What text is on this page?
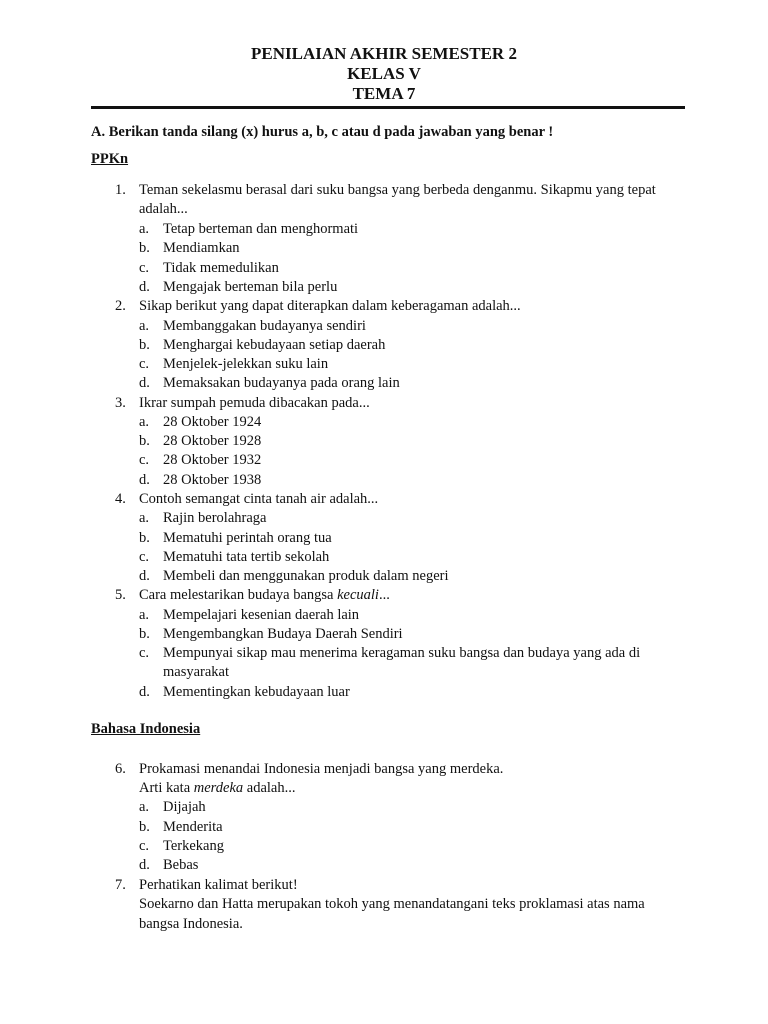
PENILAIAN AKHIR SEMESTER 2
KELAS V
TEMA 7
A. Berikan tanda silang (x) hurus a, b, c atau d pada jawaban yang benar !
PPKn
1. Teman sekelasmu berasal dari suku bangsa yang berbeda denganmu. Sikapmu yang tepat adalah...
a. Tetap berteman dan menghormati
b. Mendiamkan
c. Tidak memedulikan
d. Mengajak berteman bila perlu
2. Sikap berikut yang dapat diterapkan dalam keberagaman adalah...
a. Membanggakan budayanya sendiri
b. Menghargai kebudayaan setiap daerah
c. Menjelek-jelekkan suku lain
d. Memaksakan budayanya pada orang lain
3. Ikrar sumpah pemuda dibacakan pada...
a. 28 Oktober 1924
b. 28 Oktober 1928
c. 28 Oktober 1932
d. 28 Oktober 1938
4. Contoh semangat cinta tanah air adalah...
a. Rajin berolahraga
b. Mematuhi perintah orang tua
c. Mematuhi tata tertib sekolah
d. Membeli dan menggunakan produk dalam negeri
5. Cara melestarikan budaya bangsa kecuali...
a. Mempelajari kesenian daerah lain
b. Mengembangkan Budaya Daerah Sendiri
c. Mempunyai sikap mau menerima keragaman suku bangsa dan budaya yang ada di masyarakat
d. Mementingkan kebudayaan luar
Bahasa Indonesia
6. Prokamasi menandai Indonesia menjadi bangsa yang merdeka.
Arti kata merdeka adalah...
a. Dijajah
b. Menderita
c. Terkekang
d. Bebas
7. Perhatikan kalimat berikut!
Soekarno dan Hatta merupakan tokoh yang menandatangani teks proklamasi atas nama bangsa Indonesia.
